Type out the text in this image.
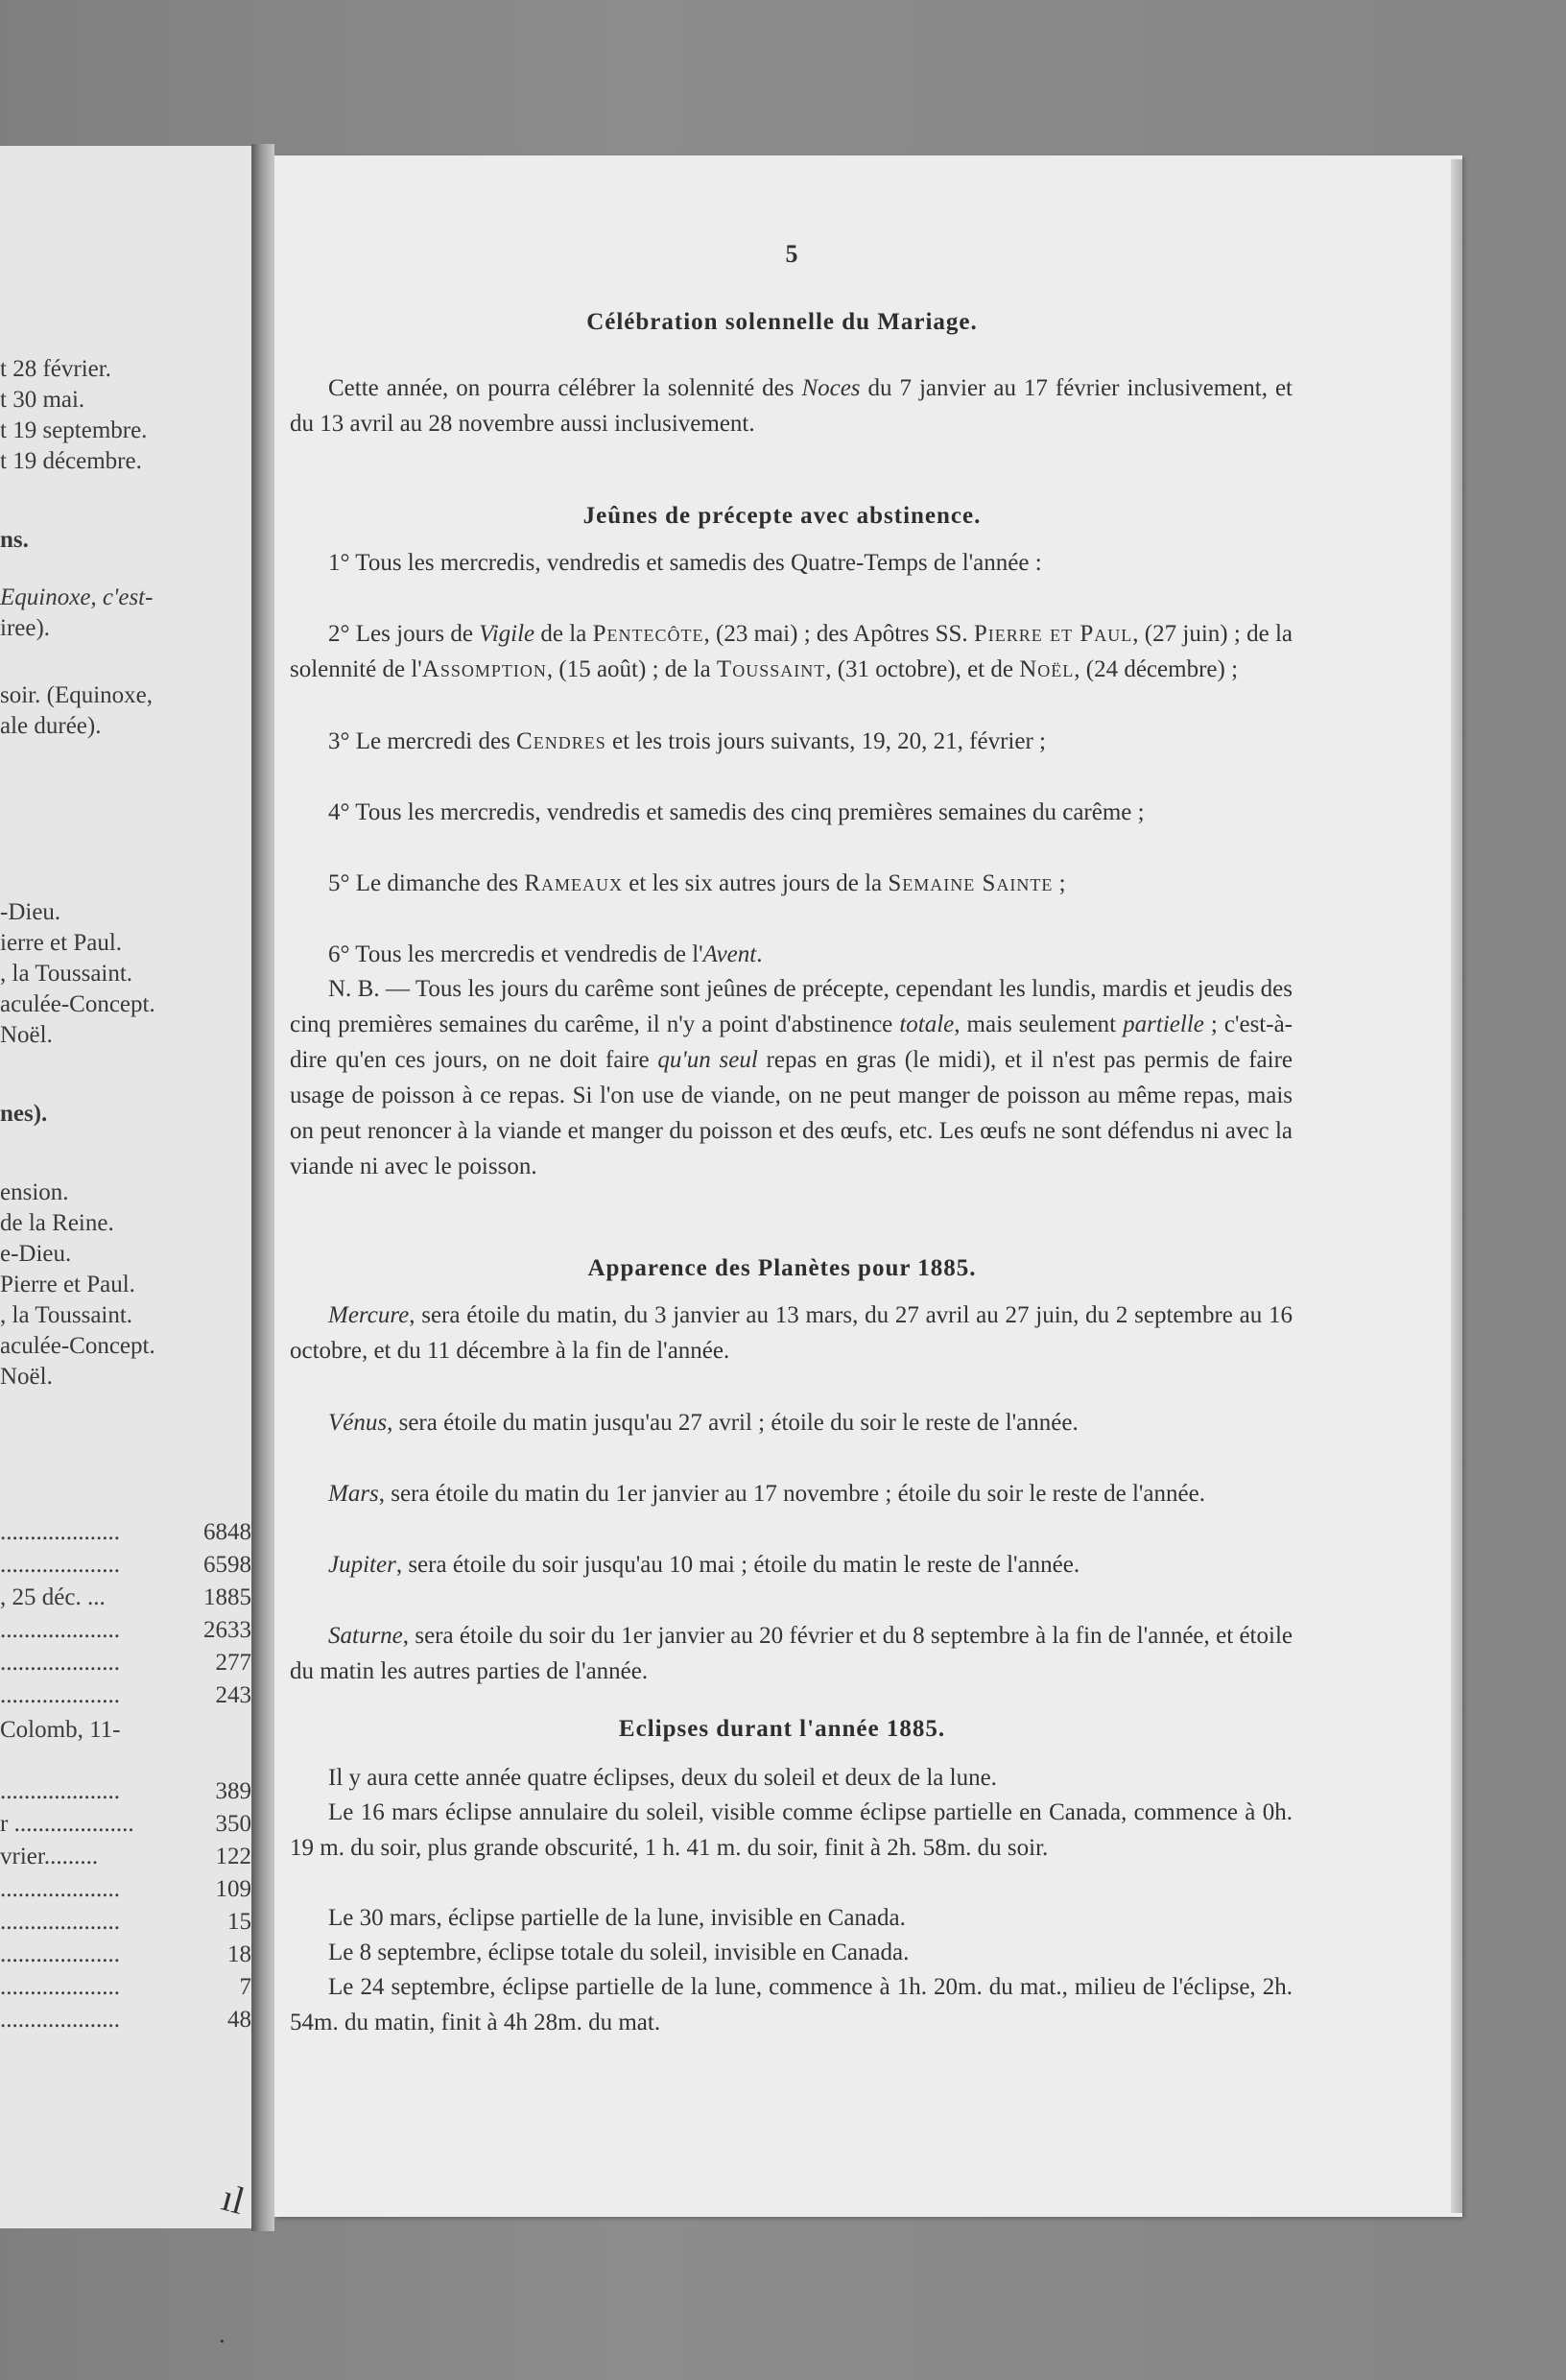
t 28 février.
t 30 mai.
t 19 septembre.
t 19 décembre.
ns.
Equinoxe, c'est-
iree).
soir. (Equinoxe,
ale durée).
-Dieu.
ierre et Paul.
, la Toussaint.
aculée-Concept.
Noël.
nes).
ension.
de la Reine.
e-Dieu.
Pierre et Paul.
, la Toussaint.
aculée-Concept.
Noël.
....................	6848
....................	6598
, 25 déc. ...	1885
....................	2633
....................	277
....................	243
Colomb, 11-
....................	389
r ....................	350
vrier.........	122
....................	109
....................	15
....................	18
....................	7
....................	48
5
Célébration solennelle du Mariage.
Cette année, on pourra célébrer la solennité des Noces du 7 janvier au 17 février inclusivement, et du 13 avril au 28 novembre aussi inclusivement.
Jeûnes de précepte avec abstinence.
1° Tous les mercredis, vendredis et samedis des Quatre-Temps de l'année :
2° Les jours de Vigile de la Pentecôte, (23 mai) ; des Apôtres SS. Pierre et Paul, (27 juin) ; de la solennité de l'Assomption, (15 août) ; de la Toussaint, (31 octobre), et de Noël, (24 décembre) ;
3° Le mercredi des Cendres et les trois jours suivants, 19, 20, 21, février ;
4° Tous les mercredis, vendredis et samedis des cinq premières semaines du carême ;
5° Le dimanche des Rameaux et les six autres jours de la Semaine Sainte ;
6° Tous les mercredis et vendredis de l'Avent.
N. B. — Tous les jours du carême sont jeûnes de précepte, cependant les lundis, mardis et jeudis des cinq premières semaines du carême, il n'y a point d'abstinence totale, mais seulement partielle ; c'est-à-dire qu'en ces jours, on ne doit faire qu'un seul repas en gras (le midi), et il n'est pas permis de faire usage de poisson à ce repas. Si l'on use de viande, on ne peut manger de poisson au même repas, mais on peut renoncer à la viande et manger du poisson et des œufs, etc. Les œufs ne sont défendus ni avec la viande ni avec le poisson.
Apparence des Planètes pour 1885.
Mercure, sera étoile du matin, du 3 janvier au 13 mars, du 27 avril au 27 juin, du 2 septembre au 16 octobre, et du 11 décembre à la fin de l'année.
Vénus, sera étoile du matin jusqu'au 27 avril ; étoile du soir le reste de l'année.
Mars, sera étoile du matin du 1er janvier au 17 novembre ; étoile du soir le reste de l'année.
Jupiter, sera étoile du soir jusqu'au 10 mai ; étoile du matin le reste de l'année.
Saturne, sera étoile du soir du 1er janvier au 20 février et du 8 septembre à la fin de l'année, et étoile du matin les autres parties de l'année.
Eclipses durant l'année 1885.
Il y aura cette année quatre éclipses, deux du soleil et deux de la lune.
Le 16 mars éclipse annulaire du soleil, visible comme éclipse partielle en Canada, commence à 0h. 19 m. du soir, plus grande obscurité, 1 h. 41 m. du soir, finit à 2h. 58m. du soir.
Le 30 mars, éclipse partielle de la lune, invisible en Canada.
Le 8 septembre, éclipse totale du soleil, invisible en Canada.
Le 24 septembre, éclipse partielle de la lune, commence à 1h. 20m. du mat., milieu de l'éclipse, 2h. 54m. du matin, finit à 4h 28m. du mat.
ıl
·
